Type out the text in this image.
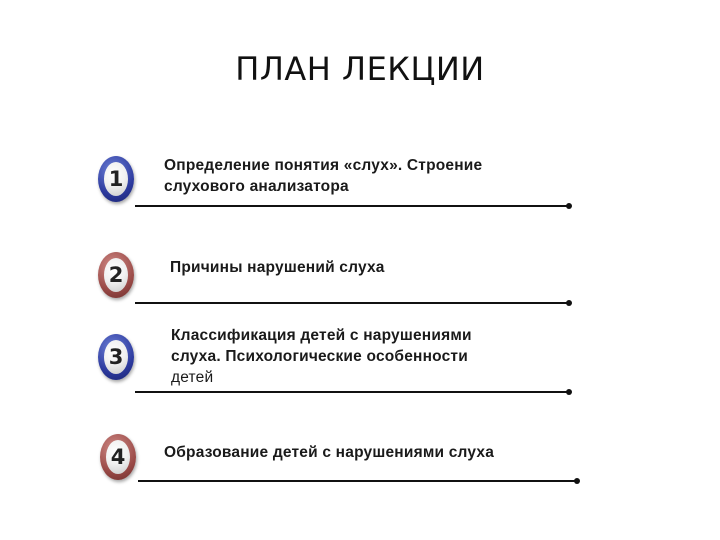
ПЛАН ЛЕКЦИИ
1
Определение понятия «слух». Строение
слухового анализатора
2	Причины нарушений слуха
3
Классификация детей с нарушениями
слуха. Психологические особенности
детей
4	Образование детей с нарушениями слуха
